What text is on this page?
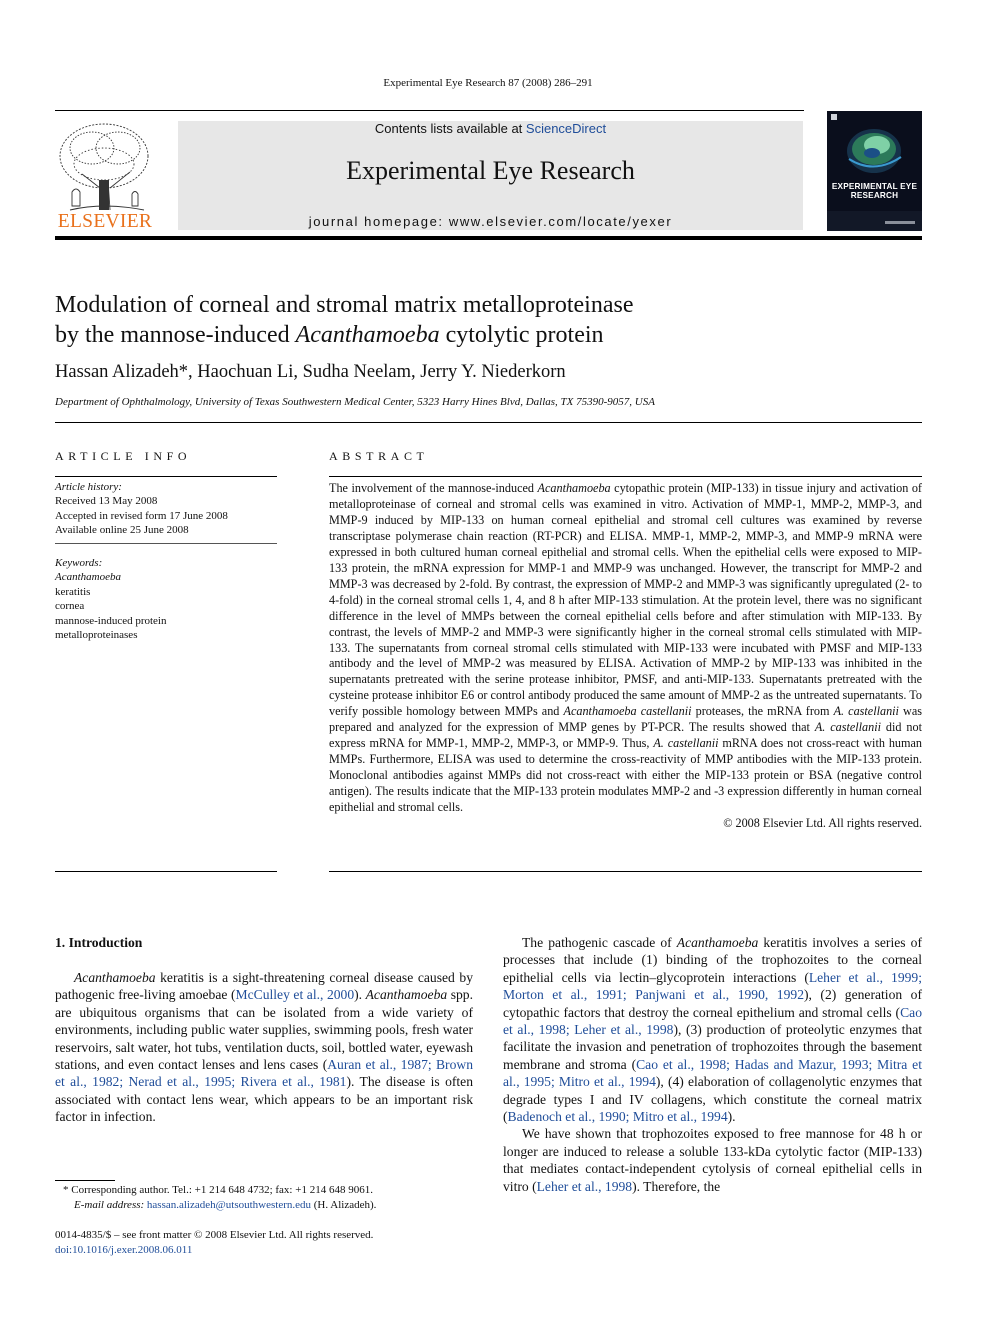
Experimental Eye Research 87 (2008) 286–291
ELSEVIER
Contents lists available at ScienceDirect
Experimental Eye Research
journal homepage: www.elsevier.com/locate/yexer
EXPERIMENTAL EYE RESEARCH
Modulation of corneal and stromal matrix metalloproteinase
by the mannose-induced Acanthamoeba cytolytic protein
Hassan Alizadeh*, Haochuan Li, Sudha Neelam, Jerry Y. Niederkorn
Department of Ophthalmology, University of Texas Southwestern Medical Center, 5323 Harry Hines Blvd, Dallas, TX 75390-9057, USA
ARTICLE INFO
Article history:
Received 13 May 2008
Accepted in revised form 17 June 2008
Available online 25 June 2008
Keywords:
Acanthamoeba
keratitis
cornea
mannose-induced protein
metalloproteinases
ABSTRACT
The involvement of the mannose-induced Acanthamoeba cytopathic protein (MIP-133) in tissue injury and activation of metalloproteinase of corneal and stromal cells was examined in vitro. Activation of MMP-1, MMP-2, MMP-3, and MMP-9 induced by MIP-133 on human corneal epithelial and stromal cell cultures was examined by reverse transcriptase polymerase chain reaction (RT-PCR) and ELISA. MMP-1, MMP-2, MMP-3, and MMP-9 mRNA were expressed in both cultured human corneal epithelial and stromal cells. When the epithelial cells were exposed to MIP-133 protein, the mRNA expression for MMP-1 and MMP-9 was unchanged. However, the transcript for MMP-2 and MMP-3 was decreased by 2-fold. By contrast, the expression of MMP-2 and MMP-3 was significantly upregulated (2- to 4-fold) in the corneal stromal cells 1, 4, and 8 h after MIP-133 stimulation. At the protein level, there was no significant difference in the level of MMPs between the corneal epithelial cells before and after stimulation with MIP-133. By contrast, the levels of MMP-2 and MMP-3 were significantly higher in the corneal stromal cells stimulated with MIP-133. The supernatants from corneal stromal cells stimulated with MIP-133 were incubated with PMSF and MIP-133 antibody and the level of MMP-2 was measured by ELISA. Activation of MMP-2 by MIP-133 was inhibited in the supernatants pretreated with the serine protease inhibitor, PMSF, and anti-MIP-133. Supernatants pretreated with the cysteine protease inhibitor E6 or control antibody produced the same amount of MMP-2 as the untreated supernatants. To verify possible homology between MMPs and Acanthamoeba castellanii proteases, the mRNA from A. castellanii was prepared and analyzed for the expression of MMP genes by PT-PCR. The results showed that A. castellanii did not express mRNA for MMP-1, MMP-2, MMP-3, or MMP-9. Thus, A. castellanii mRNA does not cross-react with human MMPs. Furthermore, ELISA was used to determine the cross-reactivity of MMP antibodies with the MIP-133 protein. Monoclonal antibodies against MMPs did not cross-react with either the MIP-133 protein or BSA (negative control antigen). The results indicate that the MIP-133 protein modulates MMP-2 and -3 expression differently in human corneal epithelial and stromal cells.
© 2008 Elsevier Ltd. All rights reserved.
1. Introduction

Acanthamoeba keratitis is a sight-threatening corneal disease caused by pathogenic free-living amoebae (McCulley et al., 2000). Acanthamoeba spp. are ubiquitous organisms that can be isolated from a wide variety of environments, including public water supplies, swimming pools, fresh water reservoirs, salt water, hot tubs, ventilation ducts, soil, bottled water, eyewash stations, and even contact lenses and lens cases (Auran et al., 1987; Brown et al., 1982; Nerad et al., 1995; Rivera et al., 1981). The disease is often associated with contact lens wear, which appears to be an important risk factor in infection.

The pathogenic cascade of Acanthamoeba keratitis involves a series of processes that include (1) binding of the trophozoites to the corneal epithelial cells via lectin–glycoprotein interactions (Leher et al., 1999; Morton et al., 1991; Panjwani et al., 1990, 1992), (2) generation of cytopathic factors that destroy the corneal epithelium and stromal cells (Cao et al., 1998; Leher et al., 1998), (3) production of proteolytic enzymes that facilitate the invasion and penetration of trophozoites through the basement membrane and stroma (Cao et al., 1998; Hadas and Mazur, 1993; Mitra et al., 1995; Mitro et al., 1994), (4) elaboration of collagenolytic enzymes that degrade types I and IV collagens, which constitute the corneal matrix (Badenoch et al., 1990; Mitro et al., 1994).

We have shown that trophozoites exposed to free mannose for 48 h or longer are induced to release a soluble 133-kDa cytolytic factor (MIP-133) that mediates contact-independent cytolysis of corneal epithelial cells in vitro (Leher et al., 1998). Therefore, the

* Corresponding author. Tel.: +1 214 648 4732; fax: +1 214 648 9061.
E-mail address: hassan.alizadeh@utsouthwestern.edu (H. Alizadeh).
0014-4835/$ – see front matter © 2008 Elsevier Ltd. All rights reserved.
doi:10.1016/j.exer.2008.06.011
